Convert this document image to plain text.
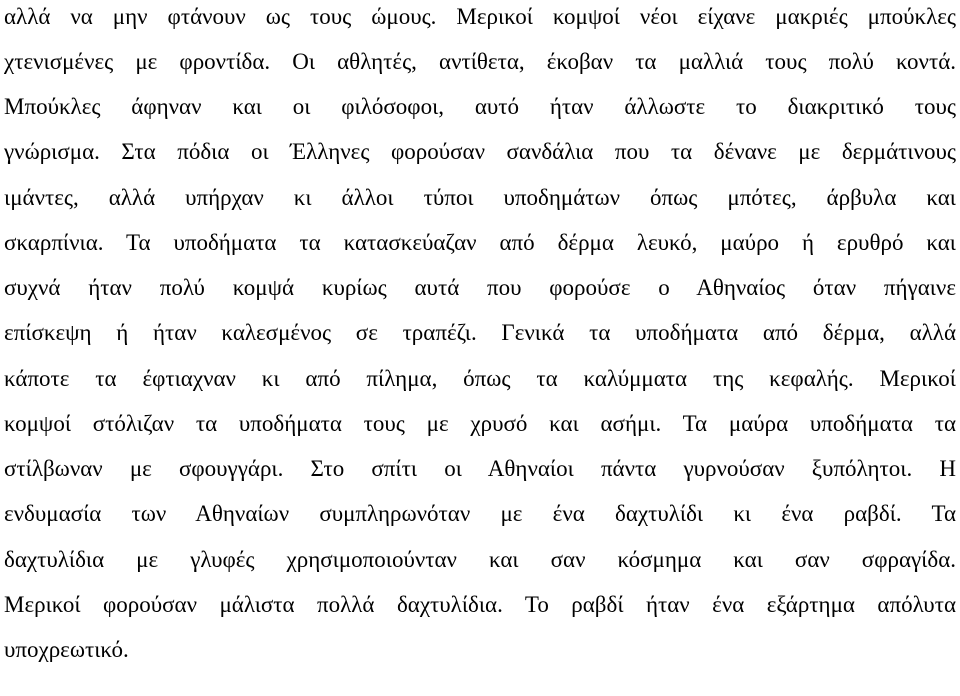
αλλά να μην φτάνουν ως τους ώμους. Μερικοί κομψοί νέοι είχανε μακριές μπούκλες
χτενισμένες με φροντίδα. Οι αθλητές, αντίθετα, έκοβαν τα μαλλιά τους πολύ κοντά.
Μπούκλες άφηναν και οι φιλόσοφοι, αυτό ήταν άλλωστε το διακριτικό τους
γνώρισμα. Στα πόδια οι Έλληνες φορούσαν σανδάλια που τα δένανε με δερμάτινους
ιμάντες, αλλά υπήρχαν κι άλλοι τύποι υποδημάτων όπως μπότες, άρβυλα και
σκαρπίνια. Τα υποδήματα τα κατασκεύαζαν από δέρμα λευκό, μαύρο ή ερυθρό και
συχνά ήταν πολύ κομψά κυρίως αυτά που φορούσε ο Αθηναίος όταν πήγαινε
επίσκεψη ή ήταν καλεσμένος σε τραπέζι. Γενικά τα υποδήματα από δέρμα, αλλά
κάποτε τα έφτιαχναν κι από πίλημα, όπως τα καλύμματα της κεφαλής. Μερικοί
κομψοί στόλιζαν τα υποδήματα τους με χρυσό και ασήμι. Τα μαύρα υποδήματα τα
στίλβωναν με σφουγγάρι. Στο σπίτι οι Αθηναίοι πάντα γυρνούσαν ξυπόλητοι. Η
ενδυμασία των Αθηναίων συμπληρωνόταν με ένα δαχτυλίδι κι ένα ραβδί. Τα
δαχτυλίδια με γλυφές χρησιμοποιούνταν και σαν κόσμημα και σαν σφραγίδα.
Μερικοί φορούσαν μάλιστα πολλά δαχτυλίδια. Το ραβδί ήταν ένα εξάρτημα απόλυτα
υποχρεωτικό.
